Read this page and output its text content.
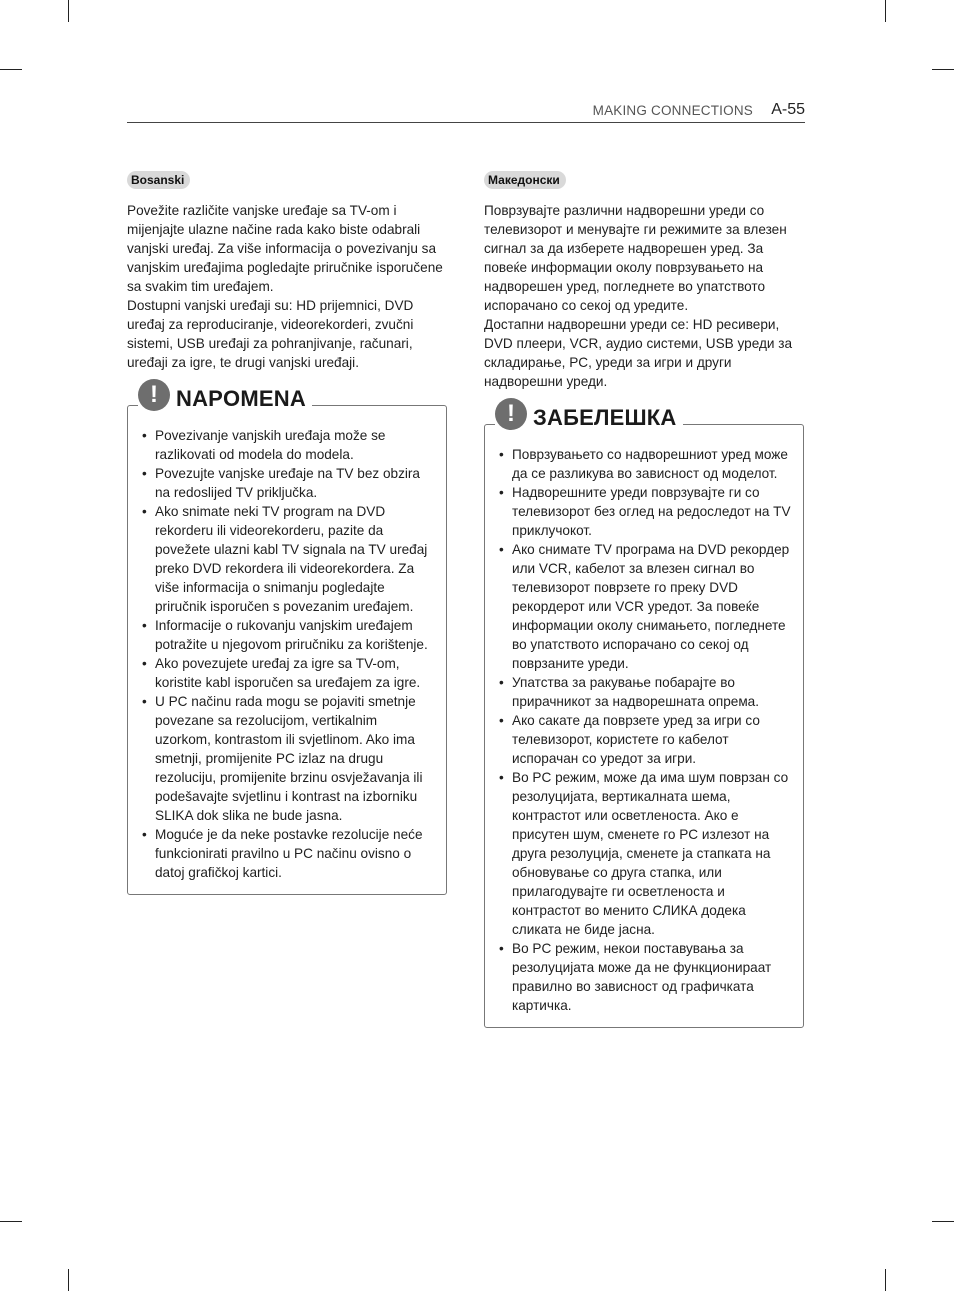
MAKING CONNECTIONS A-55
Bosanski

Povežite različite vanjske uređaje sa TV-om i mijenjajte ulazne načine rada kako biste odabrali vanjski uređaj. Za više informacija o povezivanju sa vanjskim uređajima pogledajte priručnike isporučene sa svakim tim uređajem.

Dostupni vanjski uređaji su: HD prijemnici, DVD uređaj za reproduciranje, videorekorderi, zvučni sistemi, USB uređaji za pohranjivanje, računari, uređaji za igre, te drugi vanjski uređaji.

! NAPOMENA
• Povezivanje vanjskih uređaja može se razlikovati od modela do modela.
• Povezujte vanjske uređaje na TV bez obzira na redoslijed TV priključka.
• Ako snimate neki TV program na DVD rekorderu ili videorekorderu, pazite da povežete ulazni kabl TV signala na TV uređaj preko DVD rekordera ili videorekordera. Za više informacija o snimanju pogledajte priručnik isporučen s povezanim uređajem.
• Informacije o rukovanju vanjskim uređajem potražite u njegovom priručniku za korištenje.
• Ako povezujete uređaj za igre sa TV-om, koristite kabl isporučen sa uređajem za igre.
• U PC načinu rada mogu se pojaviti smetnje povezane sa rezolucijom, vertikalnim uzorkom, kontrastom ili svjetlinom. Ako ima smetnji, promijenite PC izlaz na drugu rezoluciju, promijenite brzinu osvježavanja ili podešavajte svjetlinu i kontrast na izborniku SLIKA dok slika ne bude jasna.
• Moguće je da neke postavke rezolucije neće funkcionirati pravilno u PC načinu ovisno o datoj grafičkoj kartici.
Македонски

Поврзувајте различни надворешни уреди со телевизорот и менувајте ги режимите за влезен сигнал за да изберете надворешен уред. За повеќе информации околу поврзувањето на надворешен уред, погледнете во упатството испорачано со секој од уредите.

Достапни надворешни уреди се: HD ресивери, DVD плеери, VCR, аудио системи, USB уреди за складирање, PC, уреди за игри и други надворешни уреди.

! ЗАБЕЛЕШКА
• Поврзувањето со надворешниот уред може да се разликува во зависност од моделот.
• Надворешните уреди поврзувајте ги со телевизорот без оглед на редоследот на TV приклучокот.
• Ако снимате TV програма на DVD рекордер или VCR, кабелот за влезен сигнал во телевизорот поврзете го преку DVD рекордерот или VCR уредот. За повеќе информации околу снимањето, погледнете во упатството испорачано со секој од поврзаните уреди.
• Упатства за ракување побарајте во прирачникот за надворешната опрема.
• Ако сакате да поврзете уред за игри со телевизорот, користете го кабелот испорачан со уредот за игри.
• Во PC режим, може да има шум поврзан со резолуцијата, вертикалната шема, контрастот или осветленоста. Ако е присутен шум, сменете го PC излезот на друга резолуција, сменете ја стапката на обновување со друга стапка, или прилагодувајте ги осветленоста и контрастот во менито СЛИКА додека сликата не биде јасна.
• Во PC режим, некои поставувања за резолуцијата може да не функционираат правилно во зависност од графичката картичка.
